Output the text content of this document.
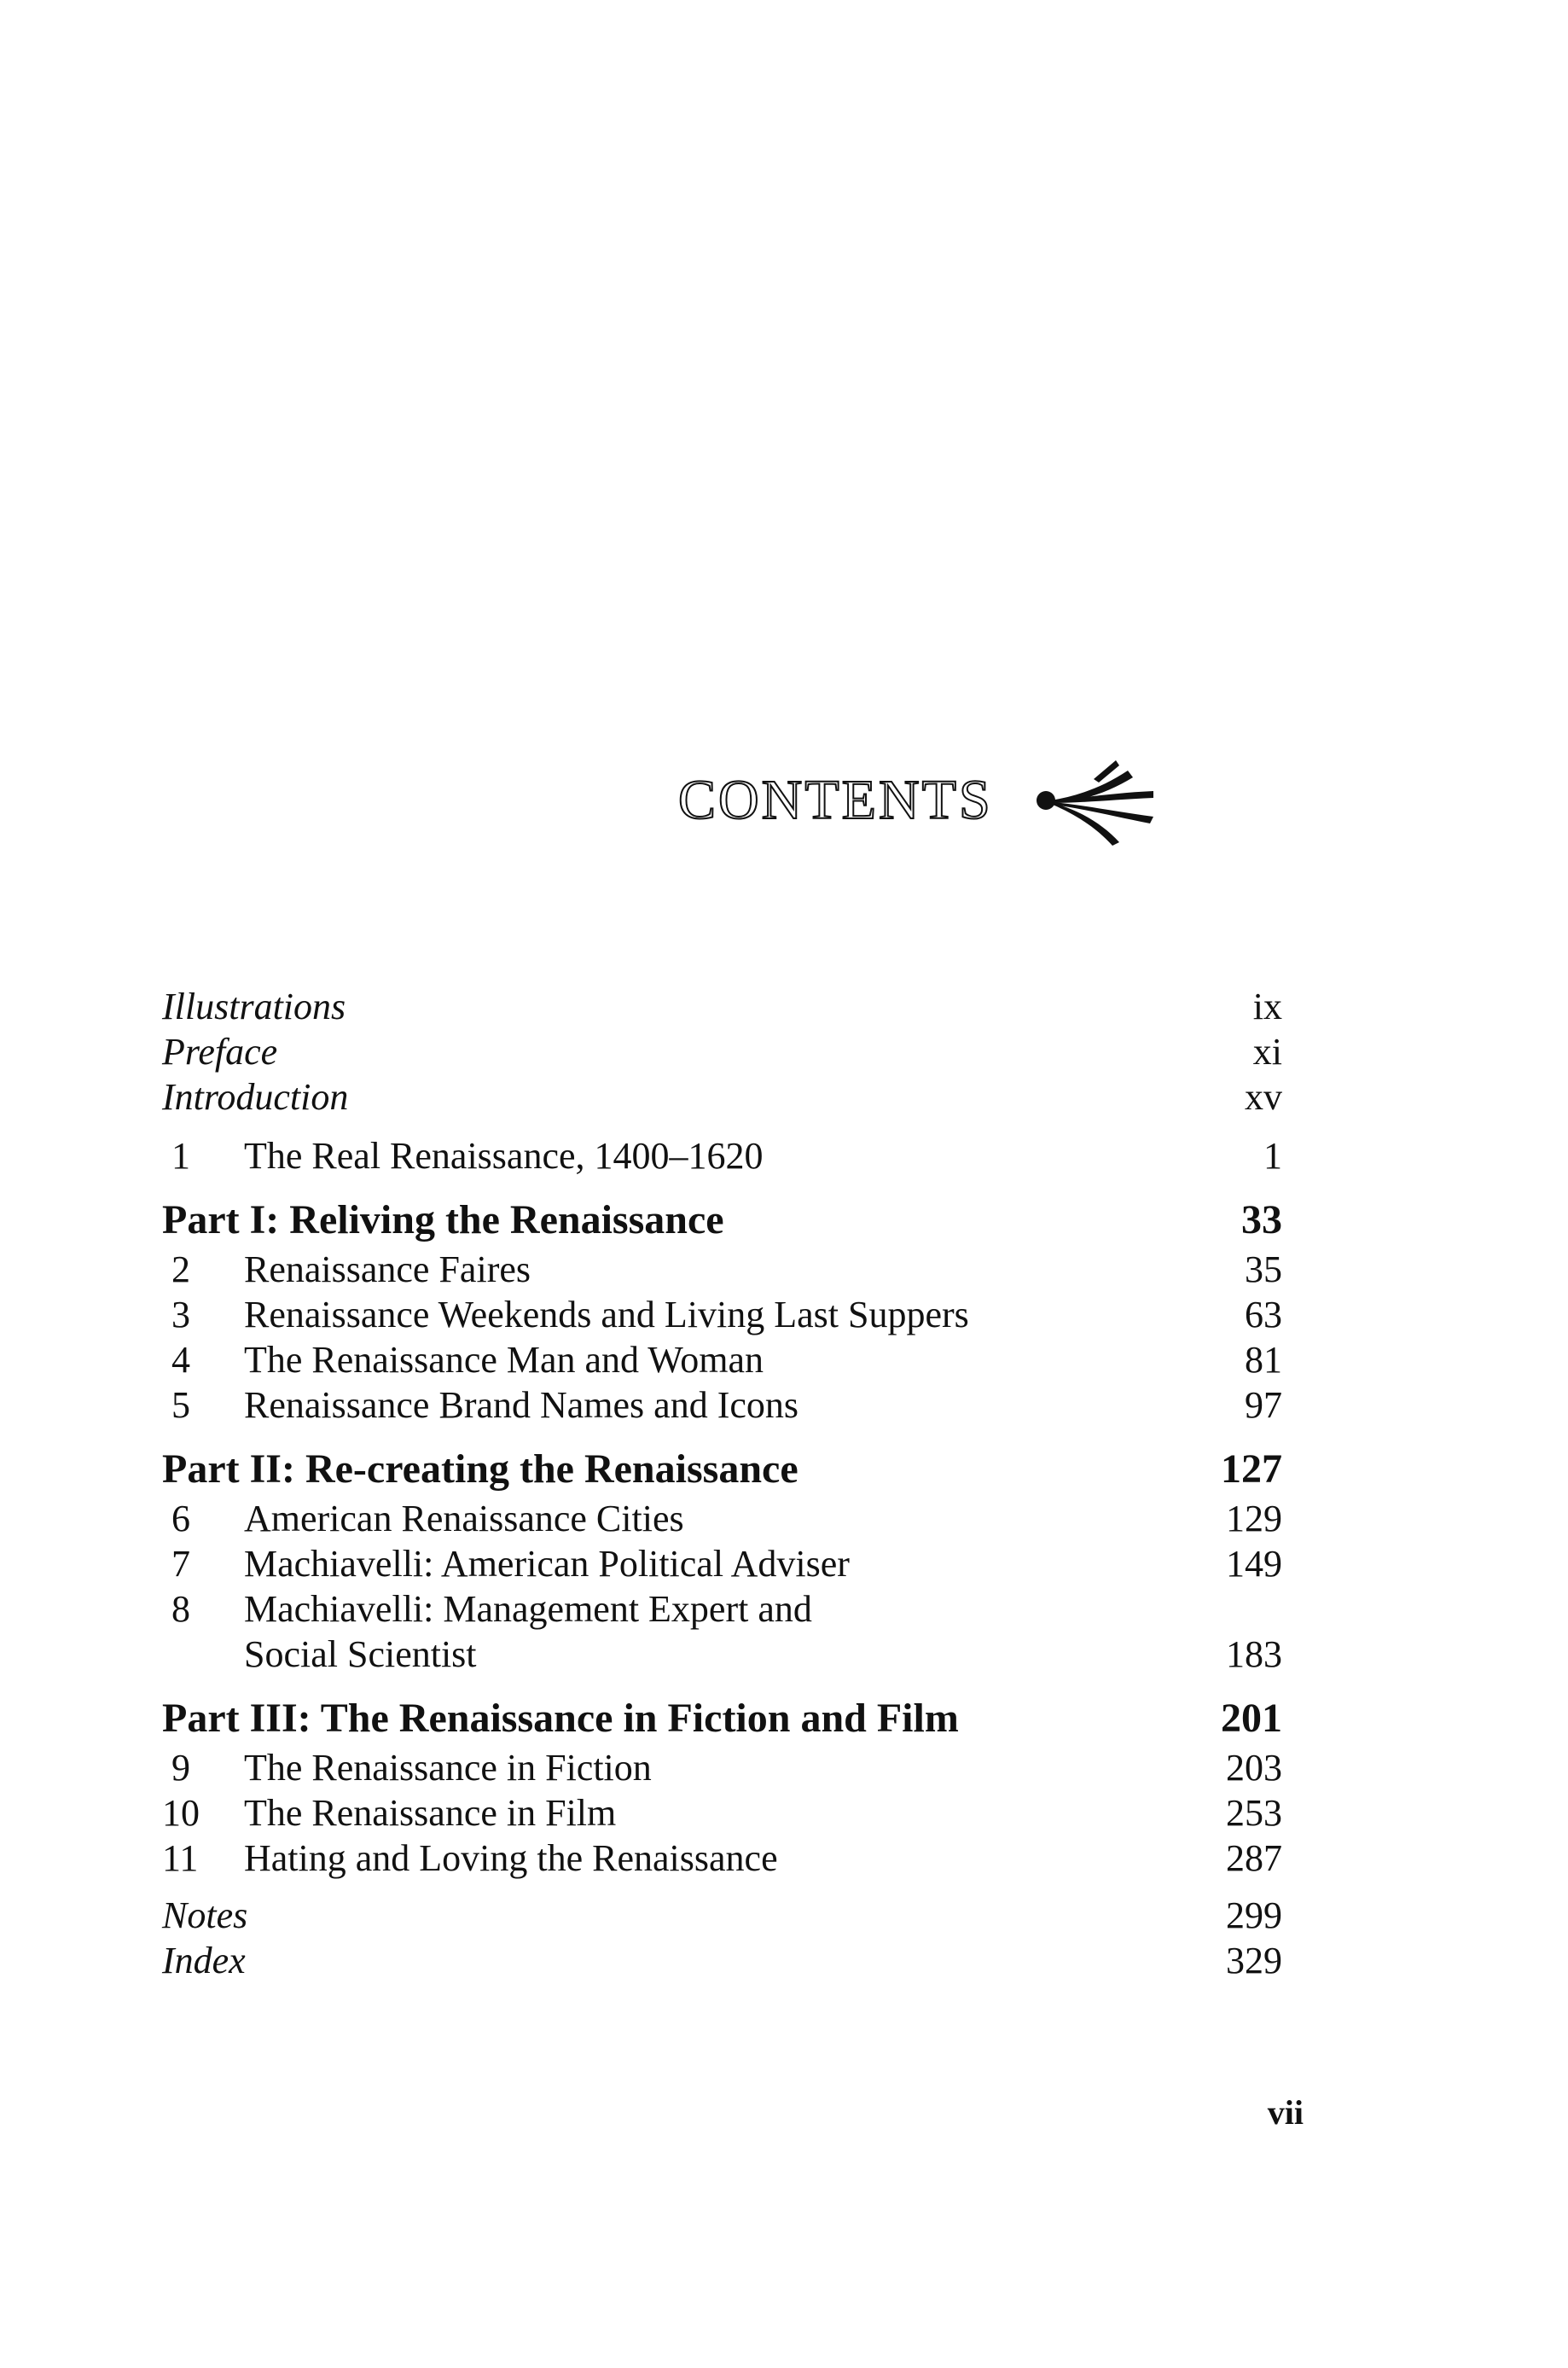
CONTENTS
Illustrations	ix
Preface	xi
Introduction	xv
1 The Real Renaissance, 1400–1620	1
Part I: Reliving the Renaissance	33
2 Renaissance Faires	35
3 Renaissance Weekends and Living Last Suppers	63
4 The Renaissance Man and Woman	81
5 Renaissance Brand Names and Icons	97
Part II: Re-creating the Renaissance	127
6 American Renaissance Cities	129
7 Machiavelli: American Political Adviser	149
8 Machiavelli: Management Expert and
Social Scientist	183
Part III: The Renaissance in Fiction and Film	201
9 The Renaissance in Fiction	203
10 The Renaissance in Film	253
11 Hating and Loving the Renaissance	287
Notes	299
Index	329
vii
